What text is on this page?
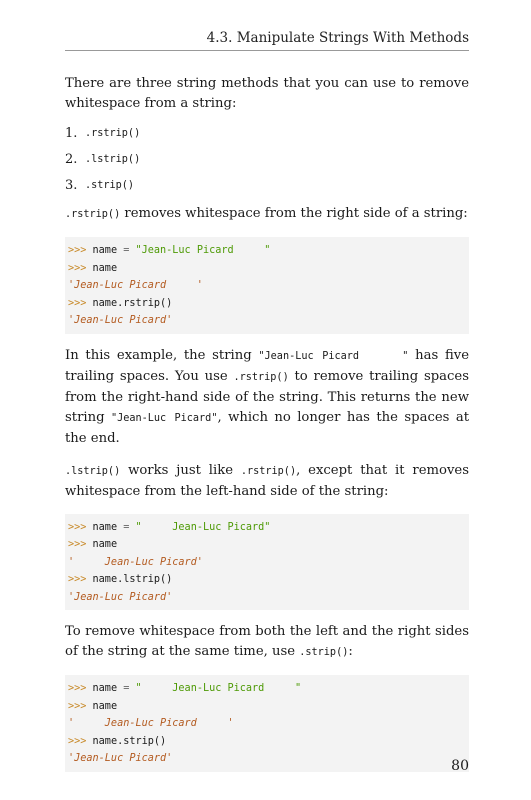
4.3. Manipulate Strings With Methods

There are three string methods that you can use to remove whitespace from a string:

1. .rstrip()
2. .lstrip()
3. .strip()

.rstrip() removes whitespace from the right side of a string:

>>> name = "Jean-Luc Picard     "
>>> name
'Jean-Luc Picard     '
>>> name.rstrip()
'Jean-Luc Picard'

In this example, the string "Jean-Luc Picard     " has five trailing spaces. You use .rstrip() to remove trailing spaces from the right-hand side of the string. This returns the new string "Jean-Luc Picard", which no longer has the spaces at the end.

.lstrip() works just like .rstrip(), except that it removes whitespace from the left-hand side of the string:

>>> name = "     Jean-Luc Picard"
>>> name
'     Jean-Luc Picard'
>>> name.lstrip()
'Jean-Luc Picard'

To remove whitespace from both the left and the right sides of the string at the same time, use .strip():

>>> name = "     Jean-Luc Picard     "
>>> name
'     Jean-Luc Picard     '
>>> name.strip()
'Jean-Luc Picard'	80
